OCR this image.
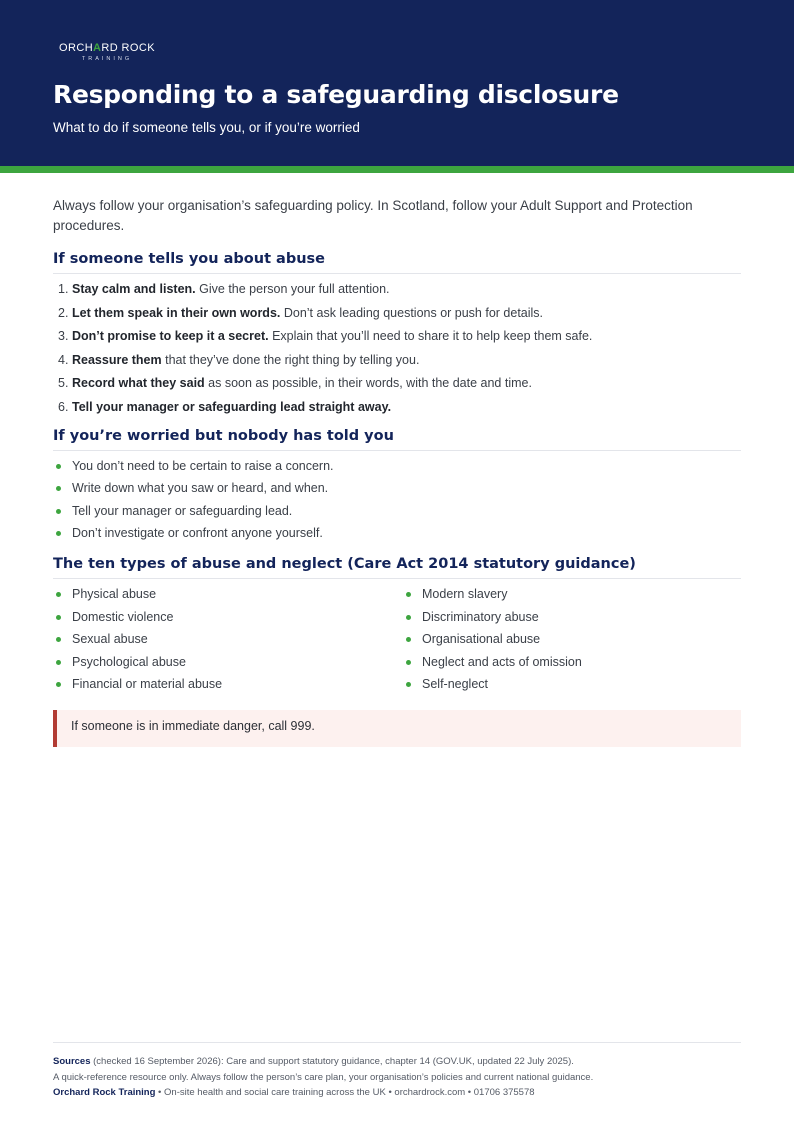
ORCHARD ROCK
TRAINING
Responding to a safeguarding disclosure
What to do if someone tells you, or if you’re worried

Always follow your organisation’s safeguarding policy. In Scotland, follow your Adult Support and Protection procedures.

If someone tells you about abuse
1. Stay calm and listen. Give the person your full attention.
2. Let them speak in their own words. Don’t ask leading questions or push for details.
3. Don’t promise to keep it a secret. Explain that you’ll need to share it to help keep them safe.
4. Reassure them that they’ve done the right thing by telling you.
5. Record what they said as soon as possible, in their words, with the date and time.
6. Tell your manager or safeguarding lead straight away.
If you’re worried but nobody has told you
You don’t need to be certain to raise a concern.
Write down what you saw or heard, and when.
Tell your manager or safeguarding lead.
Don’t investigate or confront anyone yourself.
The ten types of abuse and neglect (Care Act 2014 statutory guidance)
Physical abuse
Domestic violence
Sexual abuse
Psychological abuse
Financial or material abuse
Modern slavery
Discriminatory abuse
Organisational abuse
Neglect and acts of omission
Self-neglect
If someone is in immediate danger, call 999.
Sources (checked 16 September 2026): Care and support statutory guidance, chapter 14 (GOV.UK, updated 22 July 2025).
A quick-reference resource only. Always follow the person’s care plan, your organisation’s policies and current national guidance.
Orchard Rock Training • On-site health and social care training across the UK • orchardrock.com • 01706 375578
